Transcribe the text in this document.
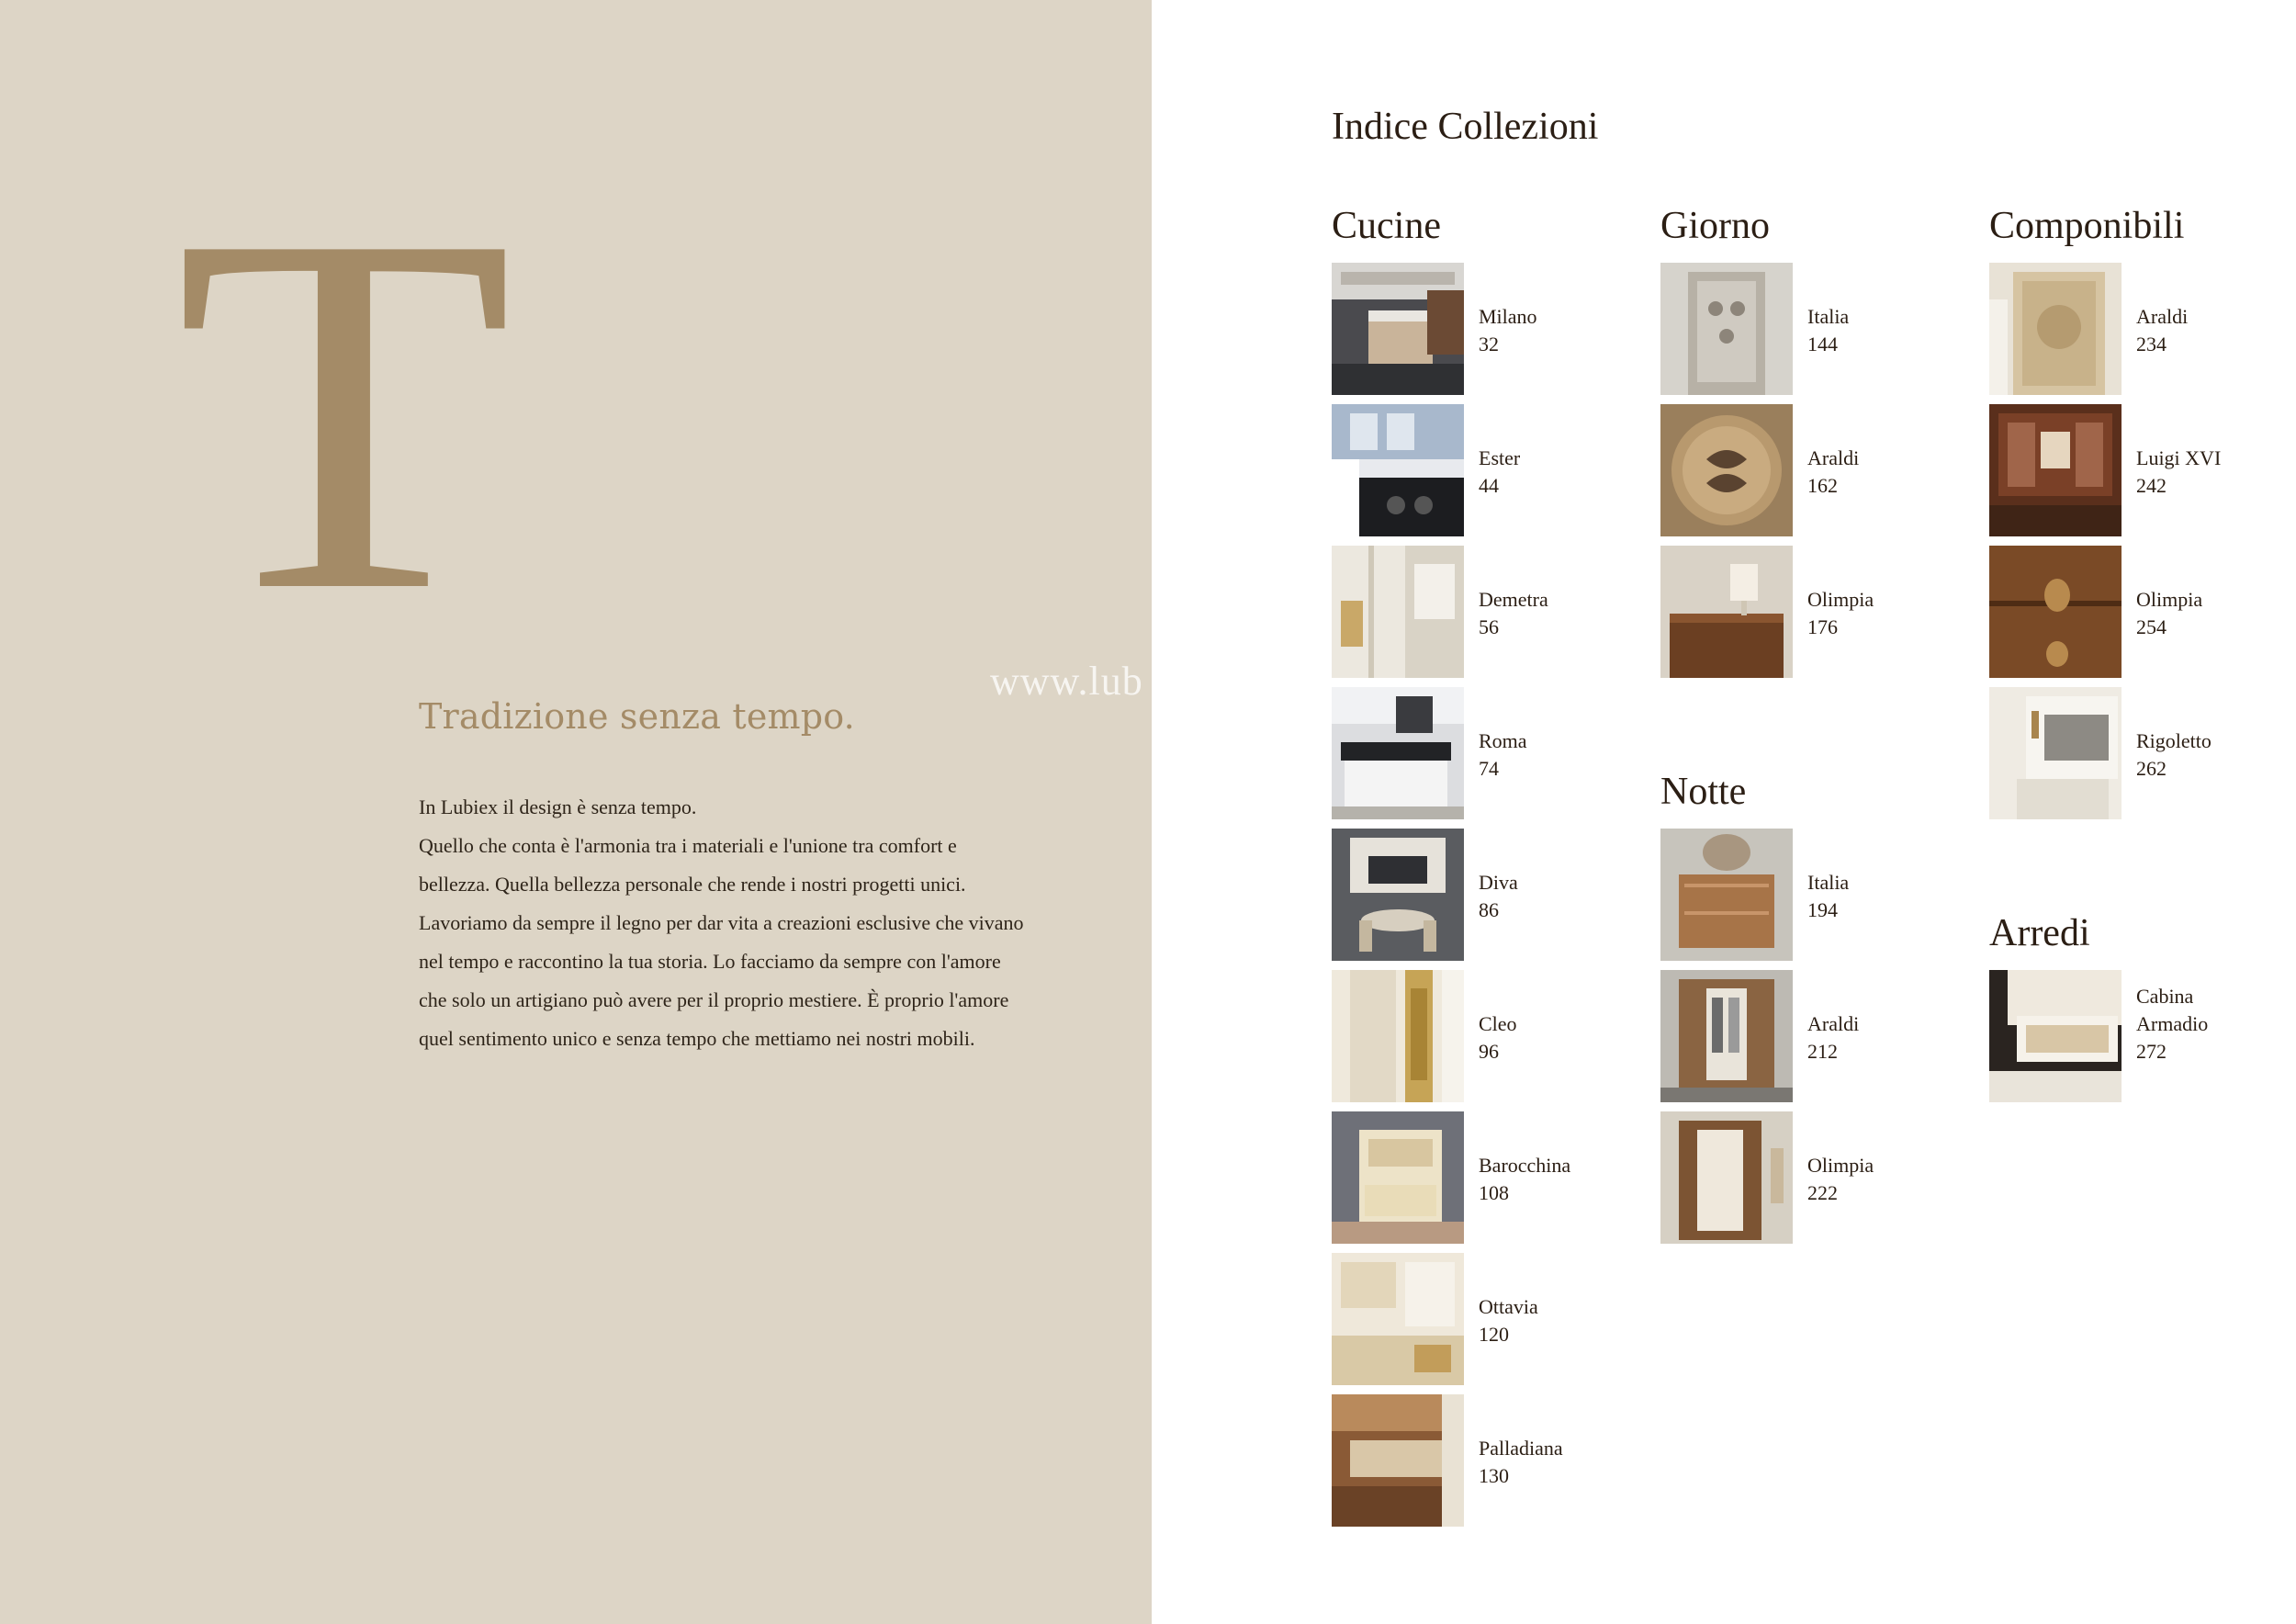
T
Tradizione senza tempo.
In Lubiex il design è senza tempo.
Quello che conta è l'armonia tra i materiali e l'unione tra comfort e
bellezza. Quella bellezza personale che rende i nostri progetti unici.
Lavoriamo da sempre il legno per dar vita a creazioni esclusive che vivano
nel tempo e raccontino la tua storia. Lo facciamo da sempre con l'amore
che solo un artigiano può avere per il proprio mestiere. È proprio l'amore
quel sentimento unico e senza tempo che mettiamo nei nostri mobili.
www.lub
Indice Collezioni
Cucine	Giorno
Notte
Componibili
Arredi
Milano
32
Ester
44
Demetra
56
Roma
74
Diva
86
Cleo
96
Barocchina
108
Ottavia
120
Palladiana
130
Italia
144
Araldi
162
Olimpia
176
Italia
194
Araldi
212
Olimpia
222
Araldi
234
Luigi XVI
242
Olimpia
254
Rigoletto
262
Cabina
Armadio
272
